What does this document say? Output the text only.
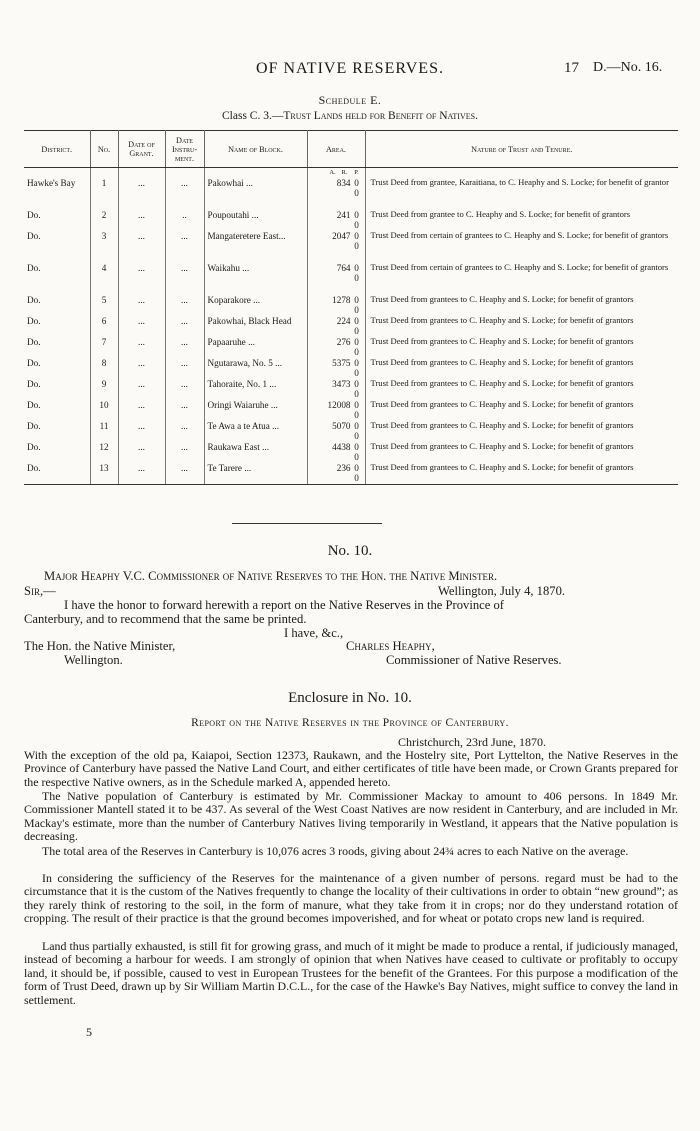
OF NATIVE RESERVES.	17 D.—No. 16.
Schedule E.
Class C. 3.—Trust Lands held for Benefit of Natives.
District.	No.	Date of Grant.	Date Instru-ment.	Name of Block.	Area.	Nature of Trust and Tenure.
					A. R. P.	
Hawke's Bay	1	...	...	Pakowhai ...	834 00	Trust Deed from grantee, Karaitiana, to C. Heaphy and S. Locke; for benefit of grantor
Do.	2	...	..	Poupoutahi ...	241 00	Trust Deed from grantee to C. Heaphy and S. Locke; for benefit of grantors
Do.	3	...	...	Mangateretere East...	2047 00	Trust Deed from certain of grantees to C. Heaphy and S. Locke; for benefit of grantors
Do.	4	...	...	Waikahu ...	764 00	Trust Deed from certain of grantees to C. Heaphy and S. Locke; for benefit of grantors
Do.	5	...	...	Koparakore ...	1278 00	Trust Deed from grantees to C. Heaphy and S. Locke; for benefit of grantors
Do.	6	...	...	Pakowhai, Black Head	224 00	Trust Deed from grantees to C. Heaphy and S. Locke; for benefit of grantors
Do.	7	...	...	Papaaruhe ...	276 00	Trust Deed from grantees to C. Heaphy and S. Locke; for benefit of grantors
Do.	8	...	...	Ngutarawa, No. 5 ...	5375 00	Trust Deed from grantees to C. Heaphy and S. Locke; for benefit of grantors
Do.	9	...	...	Tahoraite, No. 1 ...	3473 00	Trust Deed from grantees to C. Heaphy and S. Locke; for benefit of grantors
Do.	10	...	...	Oringi Waiaruhe ...	12008 00	Trust Deed from grantees to C. Heaphy and S. Locke; for benefit of grantors
Do.	11	...	...	Te Awa a te Atua ...	5070 00	Trust Deed from grantees to C. Heaphy and S. Locke; for benefit of grantors
Do.	12	...	...	Raukawa East ...	4438 00	Trust Deed from grantees to C. Heaphy and S. Locke; for benefit of grantors
Do.	13	...	...	Te Tarere ...	236 00	Trust Deed from grantees to C. Heaphy and S. Locke; for benefit of grantors
No. 10.
Major Heaphy V.C. Commissioner of Native Reserves to the Hon. the Native Minister.
Sir,—	Wellington, July 4, 1870.
I have the honor to forward herewith a report on the Native Reserves in the Province of
Canterbury, and to recommend that the same be printed.
I have, &c.,
The Hon. the Native Minister,	Charles Heaphy,
Wellington.	Commissioner of Native Reserves.
Enclosure in No. 10.
Report on the Native Reserves in the Province of Canterbury.
Christchurch, 23rd June, 1870.
With the exception of the old pa, Kaiapoi, Section 12373, Raukawn, and the Hostelry site, Port Lyttelton, the Native Reserves in the Province of Canterbury have passed the Native Land Court, and either certificates of title have been made, or Crown Grants prepared for the respective Native owners, as in the Schedule marked A, appended hereto.
The Native population of Canterbury is estimated by Mr. Commissioner Mackay to amount to 406 persons. In 1849 Mr. Commissioner Mantell stated it to be 437. As several of the West Coast Natives are now resident in Canterbury, and are included in Mr. Mackay's estimate, more than the number of Canterbury Natives living temporarily in Westland, it appears that the Native population is decreasing.
The total area of the Reserves in Canterbury is 10,076 acres 3 roods, giving about 24¾ acres to each Native on the average.
In considering the sufficiency of the Reserves for the maintenance of a given number of persons. regard must be had to the circumstance that it is the custom of the Natives frequently to change the locality of their cultivations in order to obtain “new ground”; as they rarely think of restoring to the soil, in the form of manure, what they take from it in crops; nor do they understand rotation of cropping. The result of their practice is that the ground becomes impoverished, and for wheat or potato crops new land is required.
Land thus partially exhausted, is still fit for growing grass, and much of it might be made to produce a rental, if judiciously managed, instead of becoming a harbour for weeds. I am strongly of opinion that when Natives have ceased to cultivate or profitably to occupy land, it should be, if possible, caused to vest in European Trustees for the benefit of the Grantees. For this purpose a modification of the form of Trust Deed, drawn up by Sir William Martin D.C.L., for the case of the Hawke's Bay Natives, might suffice to convey the land in settlement.
5
